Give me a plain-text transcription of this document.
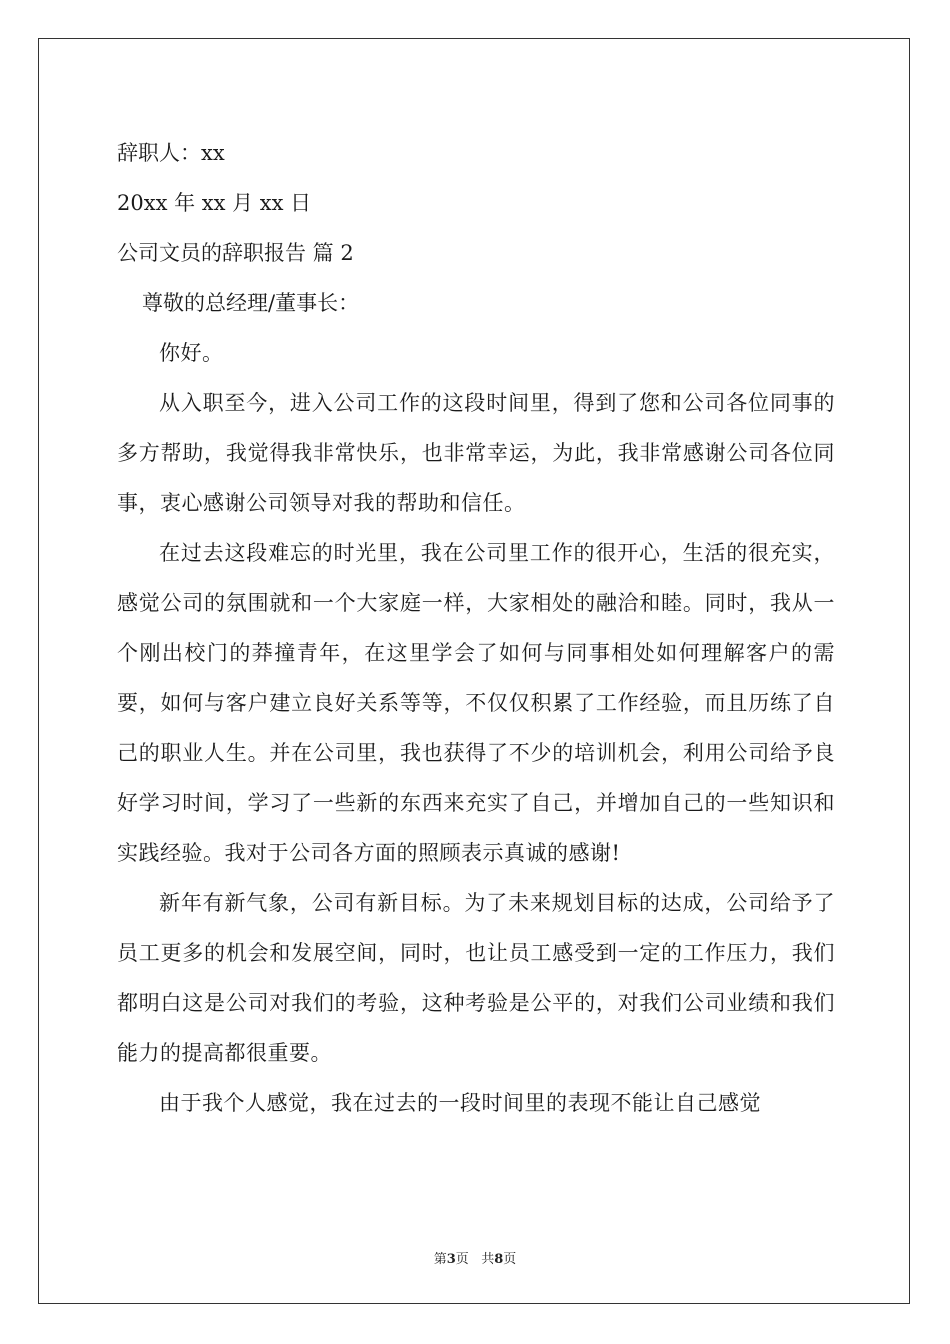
辞职人：xx
20xx 年 xx 月 xx 日
公司文员的辞职报告 篇 2
尊敬的总经理/董事长：

你好。

从入职至今，进入公司工作的这段时间里，得到了您和公司各位同事的多方帮助，我觉得我非常快乐，也非常幸运，为此，我非常感谢公司各位同事，衷心感谢公司领导对我的帮助和信任。

在过去这段难忘的时光里，我在公司里工作的很开心，生活的很充实，感觉公司的氛围就和一个大家庭一样，大家相处的融洽和睦。同时，我从一个刚出校门的莽撞青年，在这里学会了如何与同事相处如何理解客户的需要，如何与客户建立良好关系等等，不仅仅积累了工作经验，而且历练了自己的职业人生。并在公司里，我也获得了不少的培训机会，利用公司给予良好学习时间，学习了一些新的东西来充实了自己，并增加自己的一些知识和实践经验。我对于公司各方面的照顾表示真诚的感谢!

新年有新气象，公司有新目标。为了未来规划目标的达成，公司给予了员工更多的机会和发展空间，同时，也让员工感受到一定的工作压力，我们都明白这是公司对我们的考验，这种考验是公平的，对我们公司业绩和我们能力的提高都很重要。

由于我个人感觉，我在过去的一段时间里的表现不能让自己感觉

第3页 共8页
